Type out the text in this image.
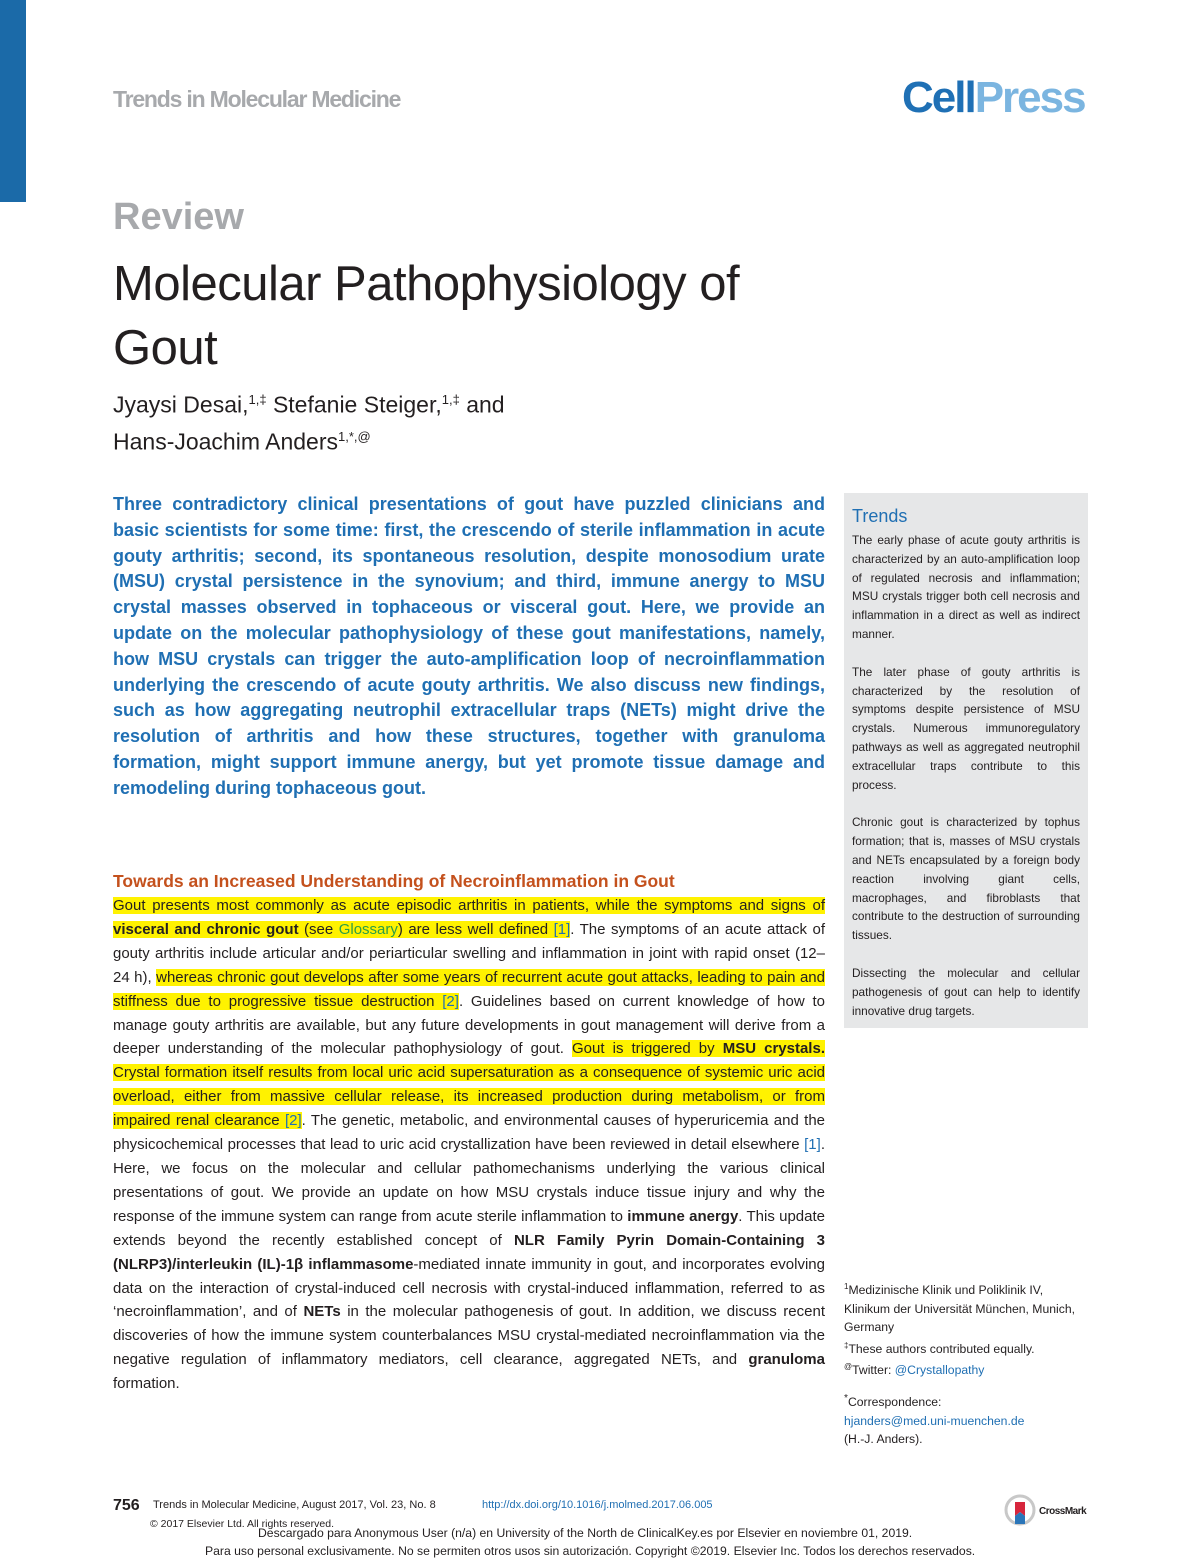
Trends in Molecular Medicine	CellPress
Review
Molecular Pathophysiology of Gout
Jyaysi Desai,$^{1,\ddagger}$ Stefanie Steiger,$^{1,\ddagger}$ and
Hans-Joachim Anders$^{1,*,@}$

Three contradictory clinical presentations of gout have puzzled clinicians and basic scientists for some time: first, the crescendo of sterile inflammation in acute gouty arthritis; second, its spontaneous resolution, despite monosodium urate (MSU) crystal persistence in the synovium; and third, immune anergy to MSU crystal masses observed in tophaceous or visceral gout. Here, we provide an update on the molecular pathophysiology of these gout manifestations, namely, how MSU crystals can trigger the auto-amplification loop of necroinflammation underlying the crescendo of acute gouty arthritis. We also discuss new findings, such as how aggregating neutrophil extracellular traps (NETs) might drive the resolution of arthritis and how these structures, together with granuloma formation, might support immune anergy, but yet promote tissue damage and remodeling during tophaceous gout.

Trends

The early phase of acute gouty arthritis is characterized by an auto-amplification loop of regulated necrosis and inflammation; MSU crystals trigger both cell necrosis and inflammation in a direct as well as indirect manner.

The later phase of gouty arthritis is characterized by the resolution of symptoms despite persistence of MSU crystals. Numerous immunoregulatory pathways as well as aggregated neutrophil extracellular traps contribute to this process.

Chronic gout is characterized by tophus formation; that is, masses of MSU crystals and NETs encapsulated by a foreign body reaction involving giant cells, macrophages, and fibroblasts that contribute to the destruction of surrounding tissues.

Dissecting the molecular and cellular pathogenesis of gout can help to identify innovative drug targets.

Towards an Increased Understanding of Necroinflammation in Gout

Gout presents most commonly as acute episodic arthritis in patients, while the symptoms and signs of visceral and chronic gout (see Glossary) are less well defined [1]. The symptoms of an acute attack of gouty arthritis include articular and/or periarticular swelling and inflammation in joint with rapid onset (12–24 h), whereas chronic gout develops after some years of recurrent acute gout attacks, leading to pain and stiffness due to progressive tissue destruction [2]. Guidelines based on current knowledge of how to manage gouty arthritis are available, but any future developments in gout management will derive from a deeper understanding of the molecular pathophysiology of gout. Gout is triggered by MSU crystals. Crystal formation itself results from local uric acid supersaturation as a consequence of systemic uric acid overload, either from massive cellular release, its increased production during metabolism, or from impaired renal clearance [2]. The genetic, metabolic, and environmental causes of hyperuricemia and the physicochemical processes that lead to uric acid crystallization have been reviewed in detail elsewhere [1]. Here, we focus on the molecular and cellular pathomechanisms underlying the various clinical presentations of gout. We provide an update on how MSU crystals induce tissue injury and why the response of the immune system can range from acute sterile inflammation to immune anergy. This update extends beyond the recently established concept of NLR Family Pyrin Domain-Containing 3 (NLRP3)/interleukin (IL)-1β inflammasome-mediated innate immunity in gout, and incorporates evolving data on the interaction of crystal-induced cell necrosis with crystal-induced inflammation, referred to as ‘necroinflammation’, and of NETs in the molecular pathogenesis of gout. In addition, we discuss recent discoveries of how the immune system counterbalances MSU crystal-mediated necroinflammation via the negative regulation of inflammatory mediators, cell clearance, aggregated NETs, and granuloma formation.

$^1$Medizinische Klinik und Poliklinik IV, Klinikum der Universität München, Munich, Germany
‡These authors contributed equally.
@Twitter: @Crystallopathy
*Correspondence:
hjanders@med.uni-muenchen.de
(H.-J. Anders).
756 Trends in Molecular Medicine, August 2017, Vol. 23, No. 8	http://dx.doi.org/10.1016/j.molmed.2017.06.005
© 2017 Elsevier Ltd. All rights reserved.
Descargado para Anonymous User (n/a) en University of the North de ClinicalKey.es por Elsevier en noviembre 01, 2019.
Para uso personal exclusivamente. No se permiten otros usos sin autorización. Copyright ©2019. Elsevier Inc. Todos los derechos reservados.
CrossMark
